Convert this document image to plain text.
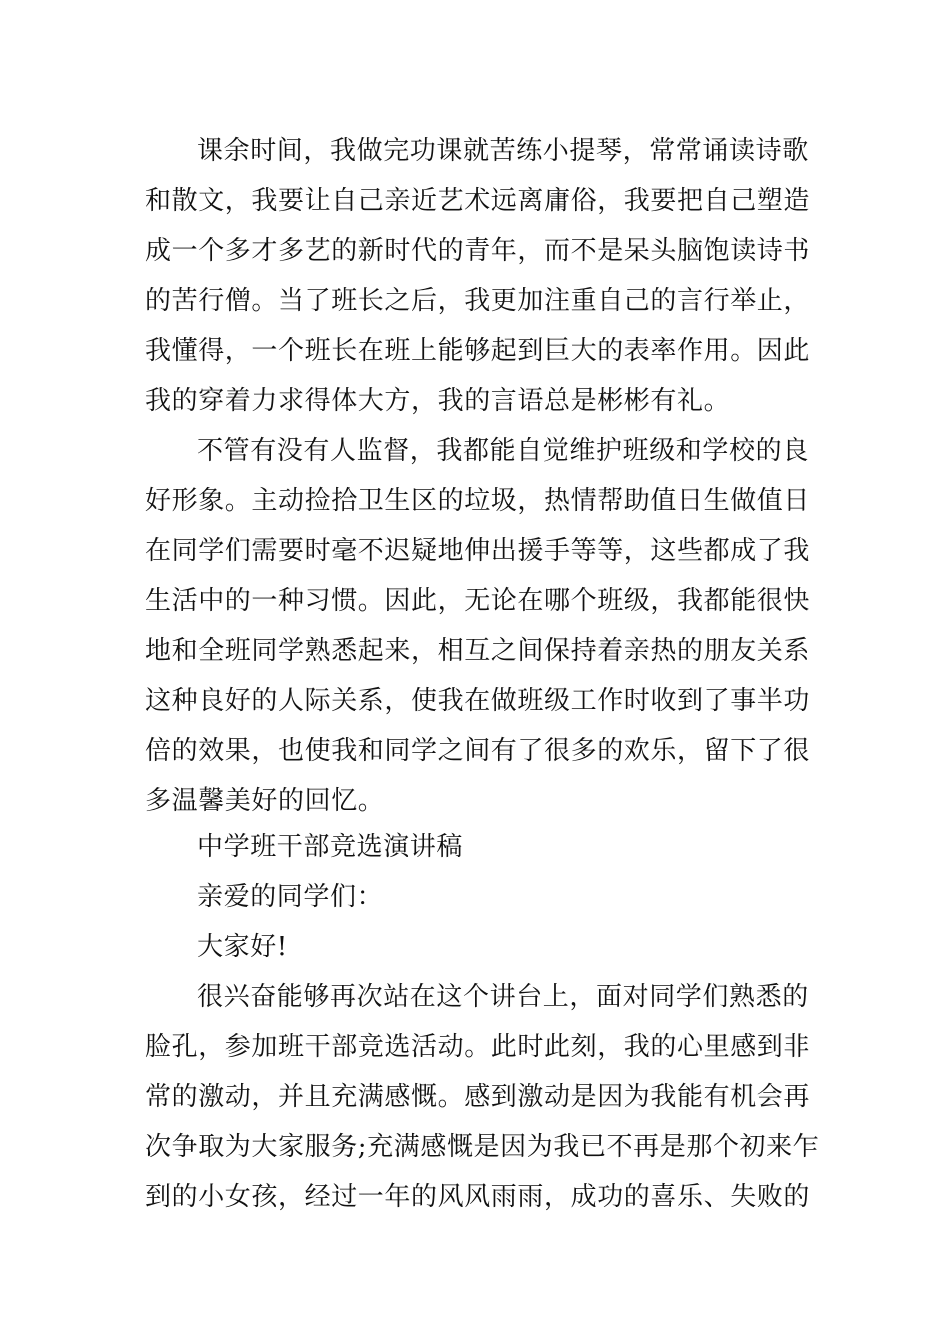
课余时间，我做完功课就苦练小提琴，常常诵读诗歌
和散文，我要让自己亲近艺术远离庸俗，我要把自己塑造
成一个多才多艺的新时代的青年，而不是呆头脑饱读诗书
的苦行僧。当了班长之后，我更加注重自己的言行举止，
我懂得，一个班长在班上能够起到巨大的表率作用。因此
我的穿着力求得体大方，我的言语总是彬彬有礼。
不管有没有人监督，我都能自觉维护班级和学校的良
好形象。主动捡拾卫生区的垃圾，热情帮助值日生做值日
在同学们需要时毫不迟疑地伸出援手等等，这些都成了我
生活中的一种习惯。因此，无论在哪个班级，我都能很快
地和全班同学熟悉起来，相互之间保持着亲热的朋友关系
这种良好的人际关系，使我在做班级工作时收到了事半功
倍的效果，也使我和同学之间有了很多的欢乐，留下了很
多温馨美好的回忆。
中学班干部竞选演讲稿
亲爱的同学们：
大家好!
很兴奋能够再次站在这个讲台上，面对同学们熟悉的
脸孔，参加班干部竞选活动。此时此刻，我的心里感到非
常的激动，并且充满感慨。感到激动是因为我能有机会再
次争取为大家服务;充满感慨是因为我已不再是那个初来乍
到的小女孩，经过一年的风风雨雨，成功的喜乐、失败的
